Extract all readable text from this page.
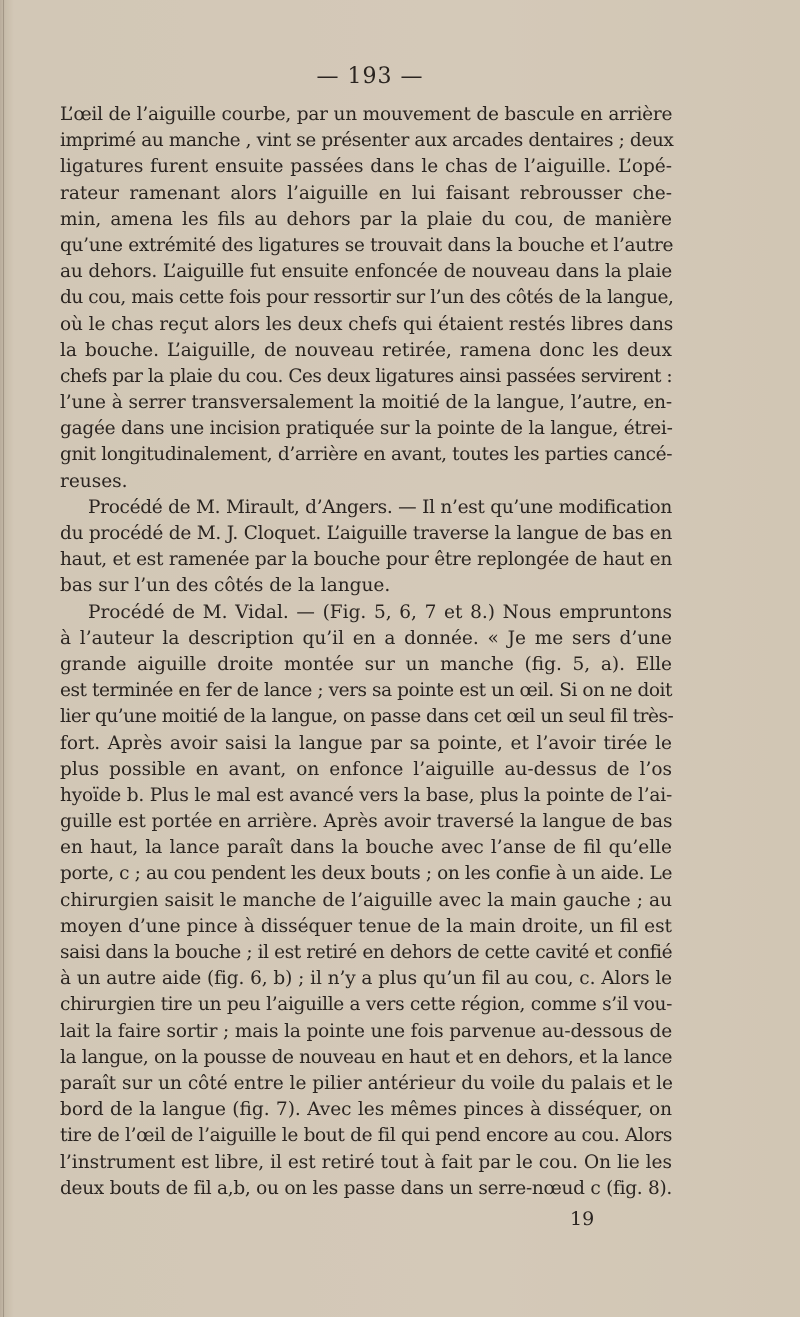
— 193 —
L’œil de l’aiguille courbe, par un mouvement de bascule en arrière
imprimé au manche , vint se présenter aux arcades dentaires ; deux
ligatures furent ensuite passées dans le chas de l’aiguille. L’opé-
rateur ramenant alors l’aiguille en lui faisant rebrousser che-
min, amena les fils au dehors par la plaie du cou, de manière
qu’une extrémité des ligatures se trouvait dans la bouche et l’autre
au dehors. L’aiguille fut ensuite enfoncée de nouveau dans la plaie
du cou, mais cette fois pour ressortir sur l’un des côtés de la langue,
où le chas reçut alors les deux chefs qui étaient restés libres dans
la bouche. L’aiguille, de nouveau retirée, ramena donc les deux
chefs par la plaie du cou. Ces deux ligatures ainsi passées servirent :
l’une à serrer transversalement la moitié de la langue, l’autre, en-
gagée dans une incision pratiquée sur la pointe de la langue, étrei-
gnit longitudinalement, d’arrière en avant, toutes les parties cancé-
reuses.
Procédé de M. Mirault, d’Angers. — Il n’est qu’une modification
du procédé de M. J. Cloquet. L’aiguille traverse la langue de bas en
haut, et est ramenée par la bouche pour être replongée de haut en
bas sur l’un des côtés de la langue.
Procédé de M. Vidal. — (Fig. 5, 6, 7 et 8.) Nous empruntons
à l’auteur la description qu’il en a donnée. « Je me sers d’une
grande aiguille droite montée sur un manche (fig. 5, a). Elle
est terminée en fer de lance ; vers sa pointe est un œil. Si on ne doit
lier qu’une moitié de la langue, on passe dans cet œil un seul fil très-
fort. Après avoir saisi la langue par sa pointe, et l’avoir tirée le
plus possible en avant, on enfonce l’aiguille au-dessus de l’os
hyoïde b. Plus le mal est avancé vers la base, plus la pointe de l’ai-
guille est portée en arrière. Après avoir traversé la langue de bas
en haut, la lance paraît dans la bouche avec l’anse de fil qu’elle
porte, c ; au cou pendent les deux bouts ; on les confie à un aide. Le
chirurgien saisit le manche de l’aiguille avec la main gauche ; au
moyen d’une pince à disséquer tenue de la main droite, un fil est
saisi dans la bouche ; il est retiré en dehors de cette cavité et confié
à un autre aide (fig. 6, b) ; il n’y a plus qu’un fil au cou, c. Alors le
chirurgien tire un peu l’aiguille a vers cette région, comme s’il vou-
lait la faire sortir ; mais la pointe une fois parvenue au-dessous de
la langue, on la pousse de nouveau en haut et en dehors, et la lance
paraît sur un côté entre le pilier antérieur du voile du palais et le
bord de la langue (fig. 7). Avec les mêmes pinces à disséquer, on
tire de l’œil de l’aiguille le bout de fil qui pend encore au cou. Alors
l’instrument est libre, il est retiré tout à fait par le cou. On lie les
deux bouts de fil a,b, ou on les passe dans un serre-nœud c (fig. 8).
19
